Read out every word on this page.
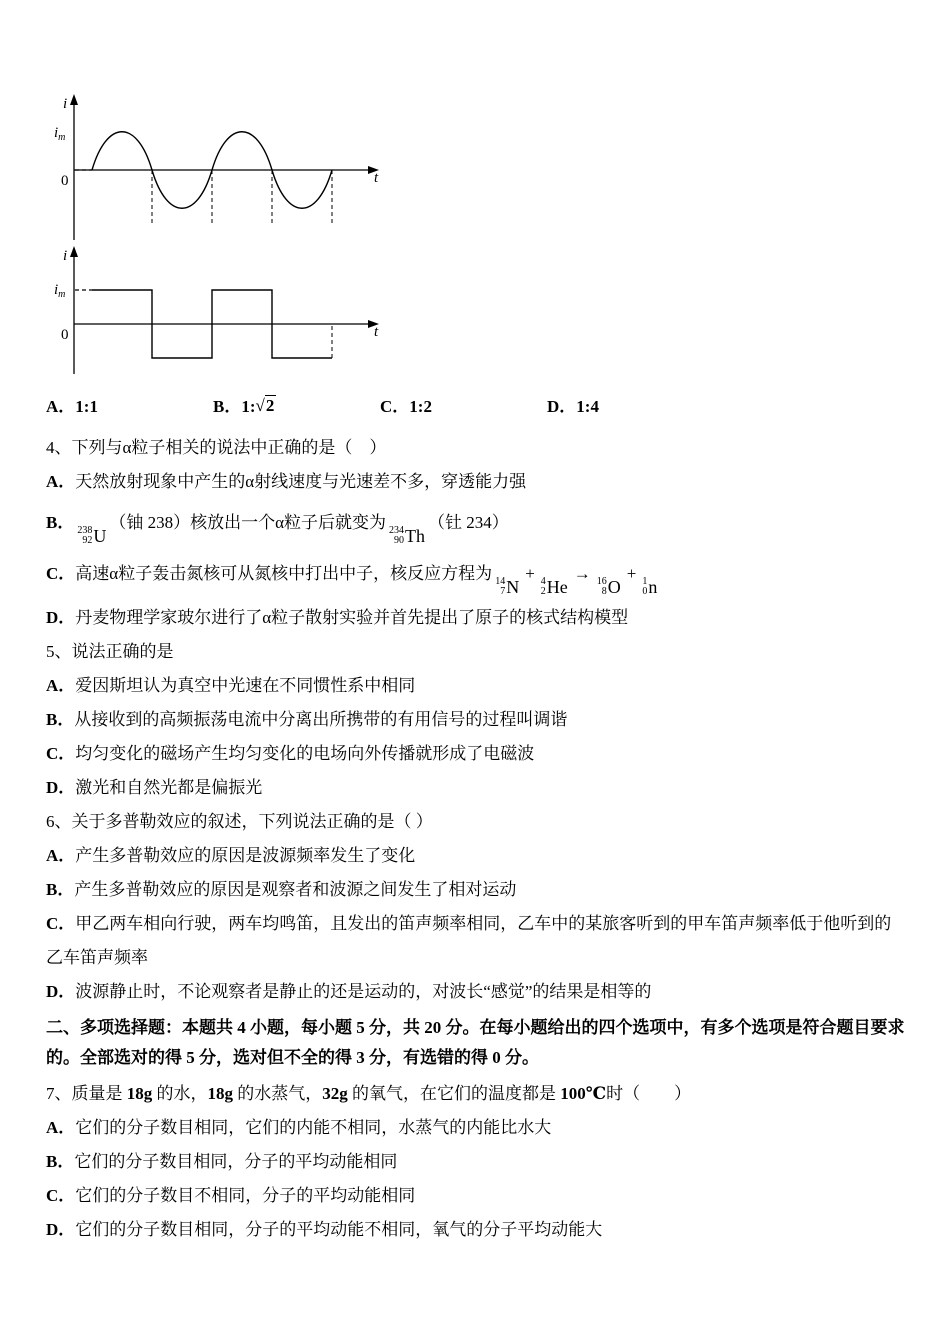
i
$i_m$
0	t
i
$i_m$
0	t
A．1:1	B．1:√2	C．1:2	D．1:4
4、下列与α粒子相关的说法中正确的是（　）
A．天然放射现象中产生的α射线速度与光速差不多，穿透能力强
B． 238
92 U
（铀 238）核放出一个α粒子后就变为 234
90 Th
（钍 234）
C．高速α粒子轰击氮核可从氮核中打出中子，核反应方程为 14
7 N
+ 4
2 He
→ 16
8 O
+ 1
0 n
D．丹麦物理学家玻尔进行了α粒子散射实验并首先提出了原子的核式结构模型
5、说法正确的是
A．爱因斯坦认为真空中光速在不同惯性系中相同
B．从接收到的高频振荡电流中分离出所携带的有用信号的过程叫调谐
C．均匀变化的磁场产生均匀变化的电场向外传播就形成了电磁波
D．激光和自然光都是偏振光
6、关于多普勒效应的叙述，下列说法正确的是（ ）
A．产生多普勒效应的原因是波源频率发生了变化
B．产生多普勒效应的原因是观察者和波源之间发生了相对运动
C．甲乙两车相向行驶，两车均鸣笛，且发出的笛声频率相同，乙车中的某旅客听到的甲车笛声频率低于他听到的乙车笛声频率
D．波源静止时，不论观察者是静止的还是运动的，对波长“感觉”的结果是相等的

二、多项选择题：本题共 4 小题，每小题 5 分，共 20 分。在每小题给出的四个选项中，有多个选项是符合题目要求的。全部选对的得 5 分，选对但不全的得 3 分，有选错的得 0 分。

7、质量是 18g 的水，18g 的水蒸气，32g 的氧气，在它们的温度都是 100℃时（　　）
A．它们的分子数目相同，它们的内能不相同，水蒸气的内能比水大
B．它们的分子数目相同，分子的平均动能相同
C．它们的分子数目不相同，分子的平均动能相同
D．它们的分子数目相同，分子的平均动能不相同，氧气的分子平均动能大
